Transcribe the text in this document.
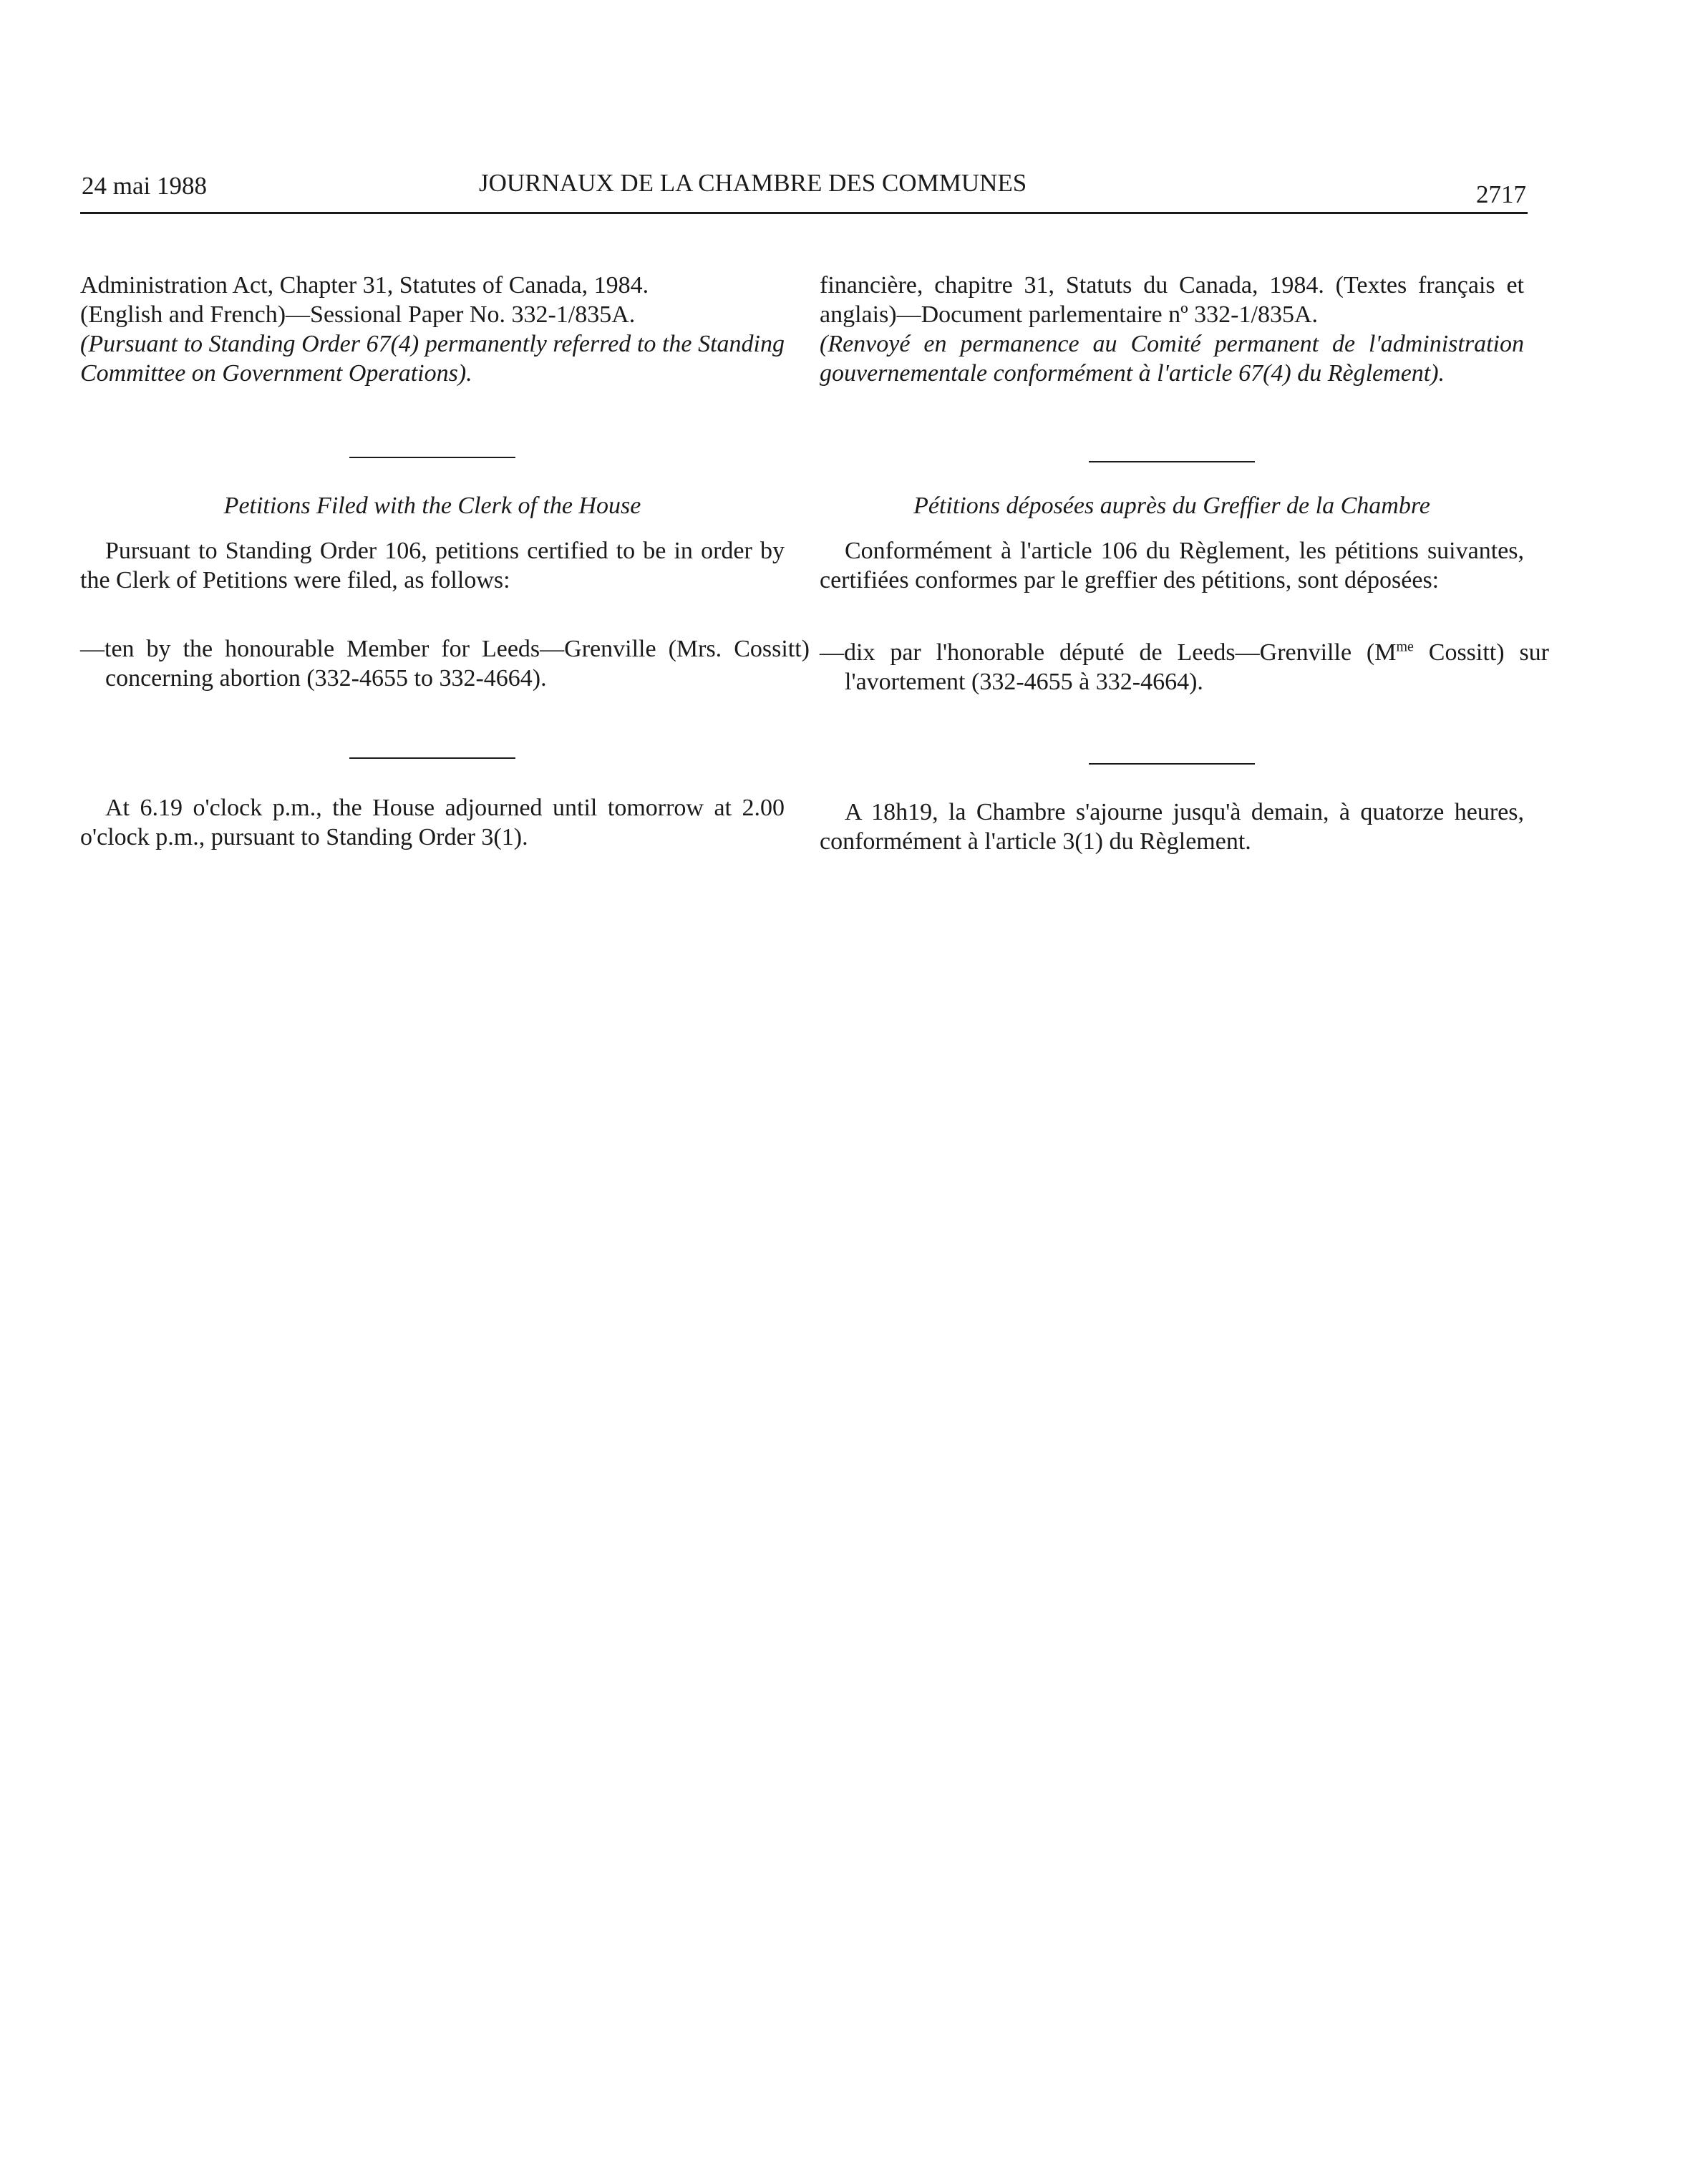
24 mai 1988	JOURNAUX DE LA CHAMBRE DES COMMUNES	2717

Administration Act, Chapter 31, Statutes of Canada, 1984.

(English and French)—Sessional Paper No. 332-1/835A.

(Pursuant to Standing Order 67(4) permanently referred to the Standing Committee on Government Operations).

Petitions Filed with the Clerk of the House

Pursuant to Standing Order 106, petitions certified to be in order by the Clerk of Petitions were filed, as follows:

—ten by the honourable Member for Leeds—Grenville (Mrs. Cossitt) concerning abortion (332-4655 to 332-4664).

At 6.19 o'clock p.m., the House adjourned until tomorrow at 2.00 o'clock p.m., pursuant to Standing Order 3(1).

financière, chapitre 31, Statuts du Canada, 1984. (Textes français et anglais)—Document parlementaire nº 332-1/835A.

(Renvoyé en permanence au Comité permanent de l'administration gouvernementale conformément à l'article 67(4) du Règlement).

Pétitions déposées auprès du Greffier de la Chambre

Conformément à l'article 106 du Règlement, les pétitions suivantes, certifiées conformes par le greffier des pétitions, sont déposées:

—dix par l'honorable député de Leeds—Grenville ($M^{me}$ Cossitt) sur l'avortement (332-4655 à 332-4664).

A 18h19, la Chambre s'ajourne jusqu'à demain, à quatorze heures, conformément à l'article 3(1) du Règlement.
